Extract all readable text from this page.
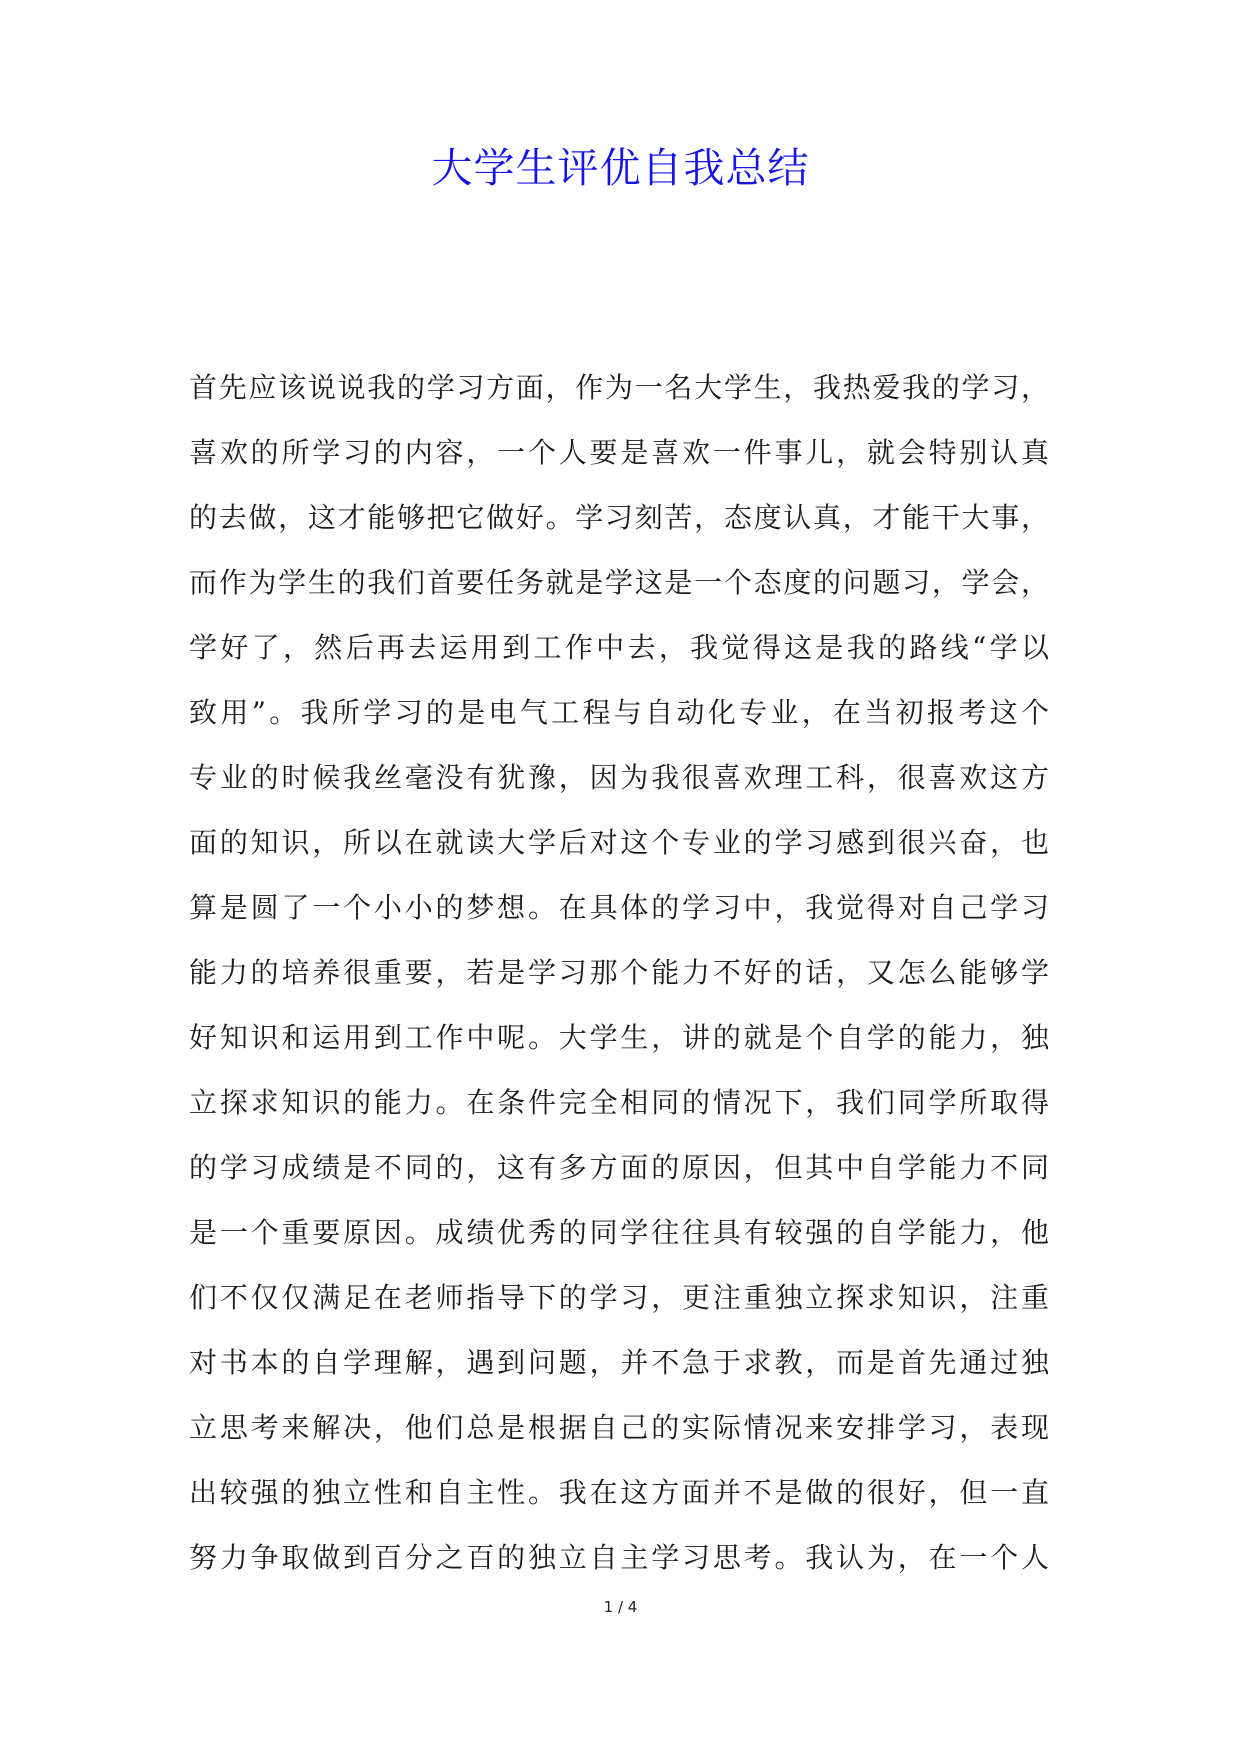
大学生评优自我总结
首先应该说说我的学习方面，作为一名大学生，我热爱我的学习，
喜欢的所学习的内容，一个人要是喜欢一件事儿，就会特别认真
的去做，这才能够把它做好。学习刻苦，态度认真，才能干大事，
而作为学生的我们首要任务就是学这是一个态度的问题习，学会，
学好了，然后再去运用到工作中去，我觉得这是我的路线“学以
致用”。我所学习的是电气工程与自动化专业，在当初报考这个
专业的时候我丝毫没有犹豫，因为我很喜欢理工科，很喜欢这方
面的知识，所以在就读大学后对这个专业的学习感到很兴奋，也
算是圆了一个小小的梦想。在具体的学习中，我觉得对自己学习
能力的培养很重要，若是学习那个能力不好的话，又怎么能够学
好知识和运用到工作中呢。大学生，讲的就是个自学的能力，独
立探求知识的能力。在条件完全相同的情况下，我们同学所取得
的学习成绩是不同的，这有多方面的原因，但其中自学能力不同
是一个重要原因。成绩优秀的同学往往具有较强的自学能力，他
们不仅仅满足在老师指导下的学习，更注重独立探求知识，注重
对书本的自学理解，遇到问题，并不急于求教，而是首先通过独
立思考来解决，他们总是根据自己的实际情况来安排学习，表现
出较强的独立性和自主性。我在这方面并不是做的很好，但一直
努力争取做到百分之百的独立自主学习思考。我认为，在一个人
1 / 4
